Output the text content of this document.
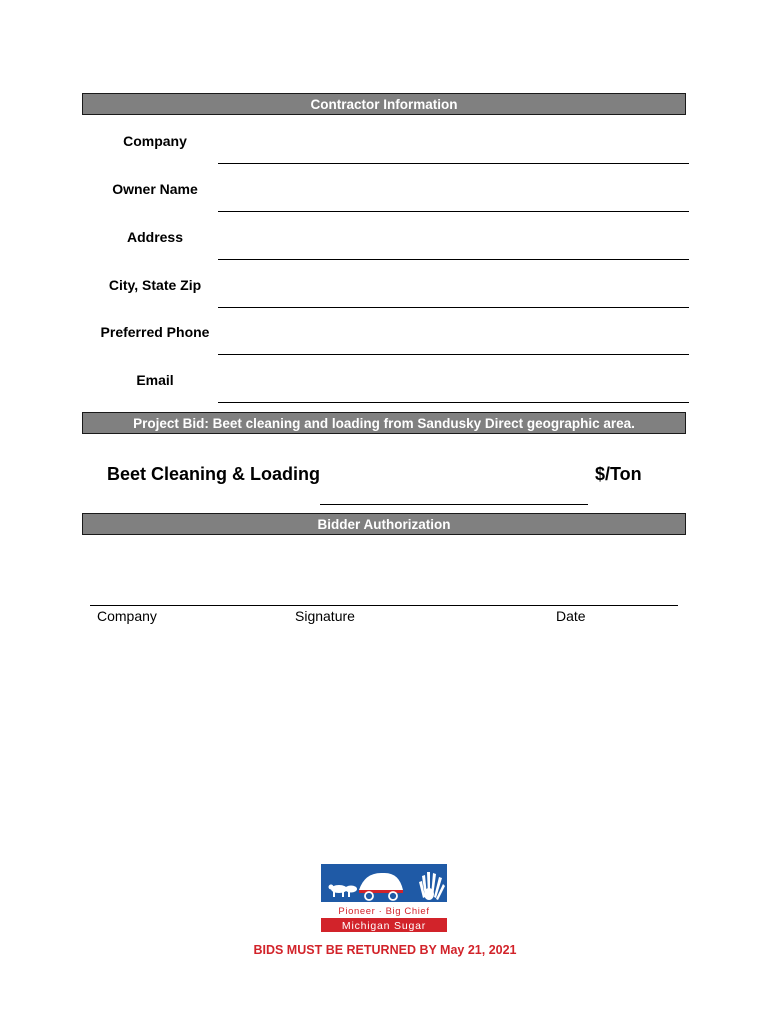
Contractor Information
Company
Owner Name
Address
City, State Zip
Preferred Phone
Email
Project Bid: Beet cleaning and loading from Sandusky Direct geographic area.
Beet Cleaning & Loading	$/Ton
Bidder Authorization
Company	Signature	Date
Pioneer · Big Chief
Michigan Sugar
BIDS MUST BE RETURNED BY May 21, 2021
